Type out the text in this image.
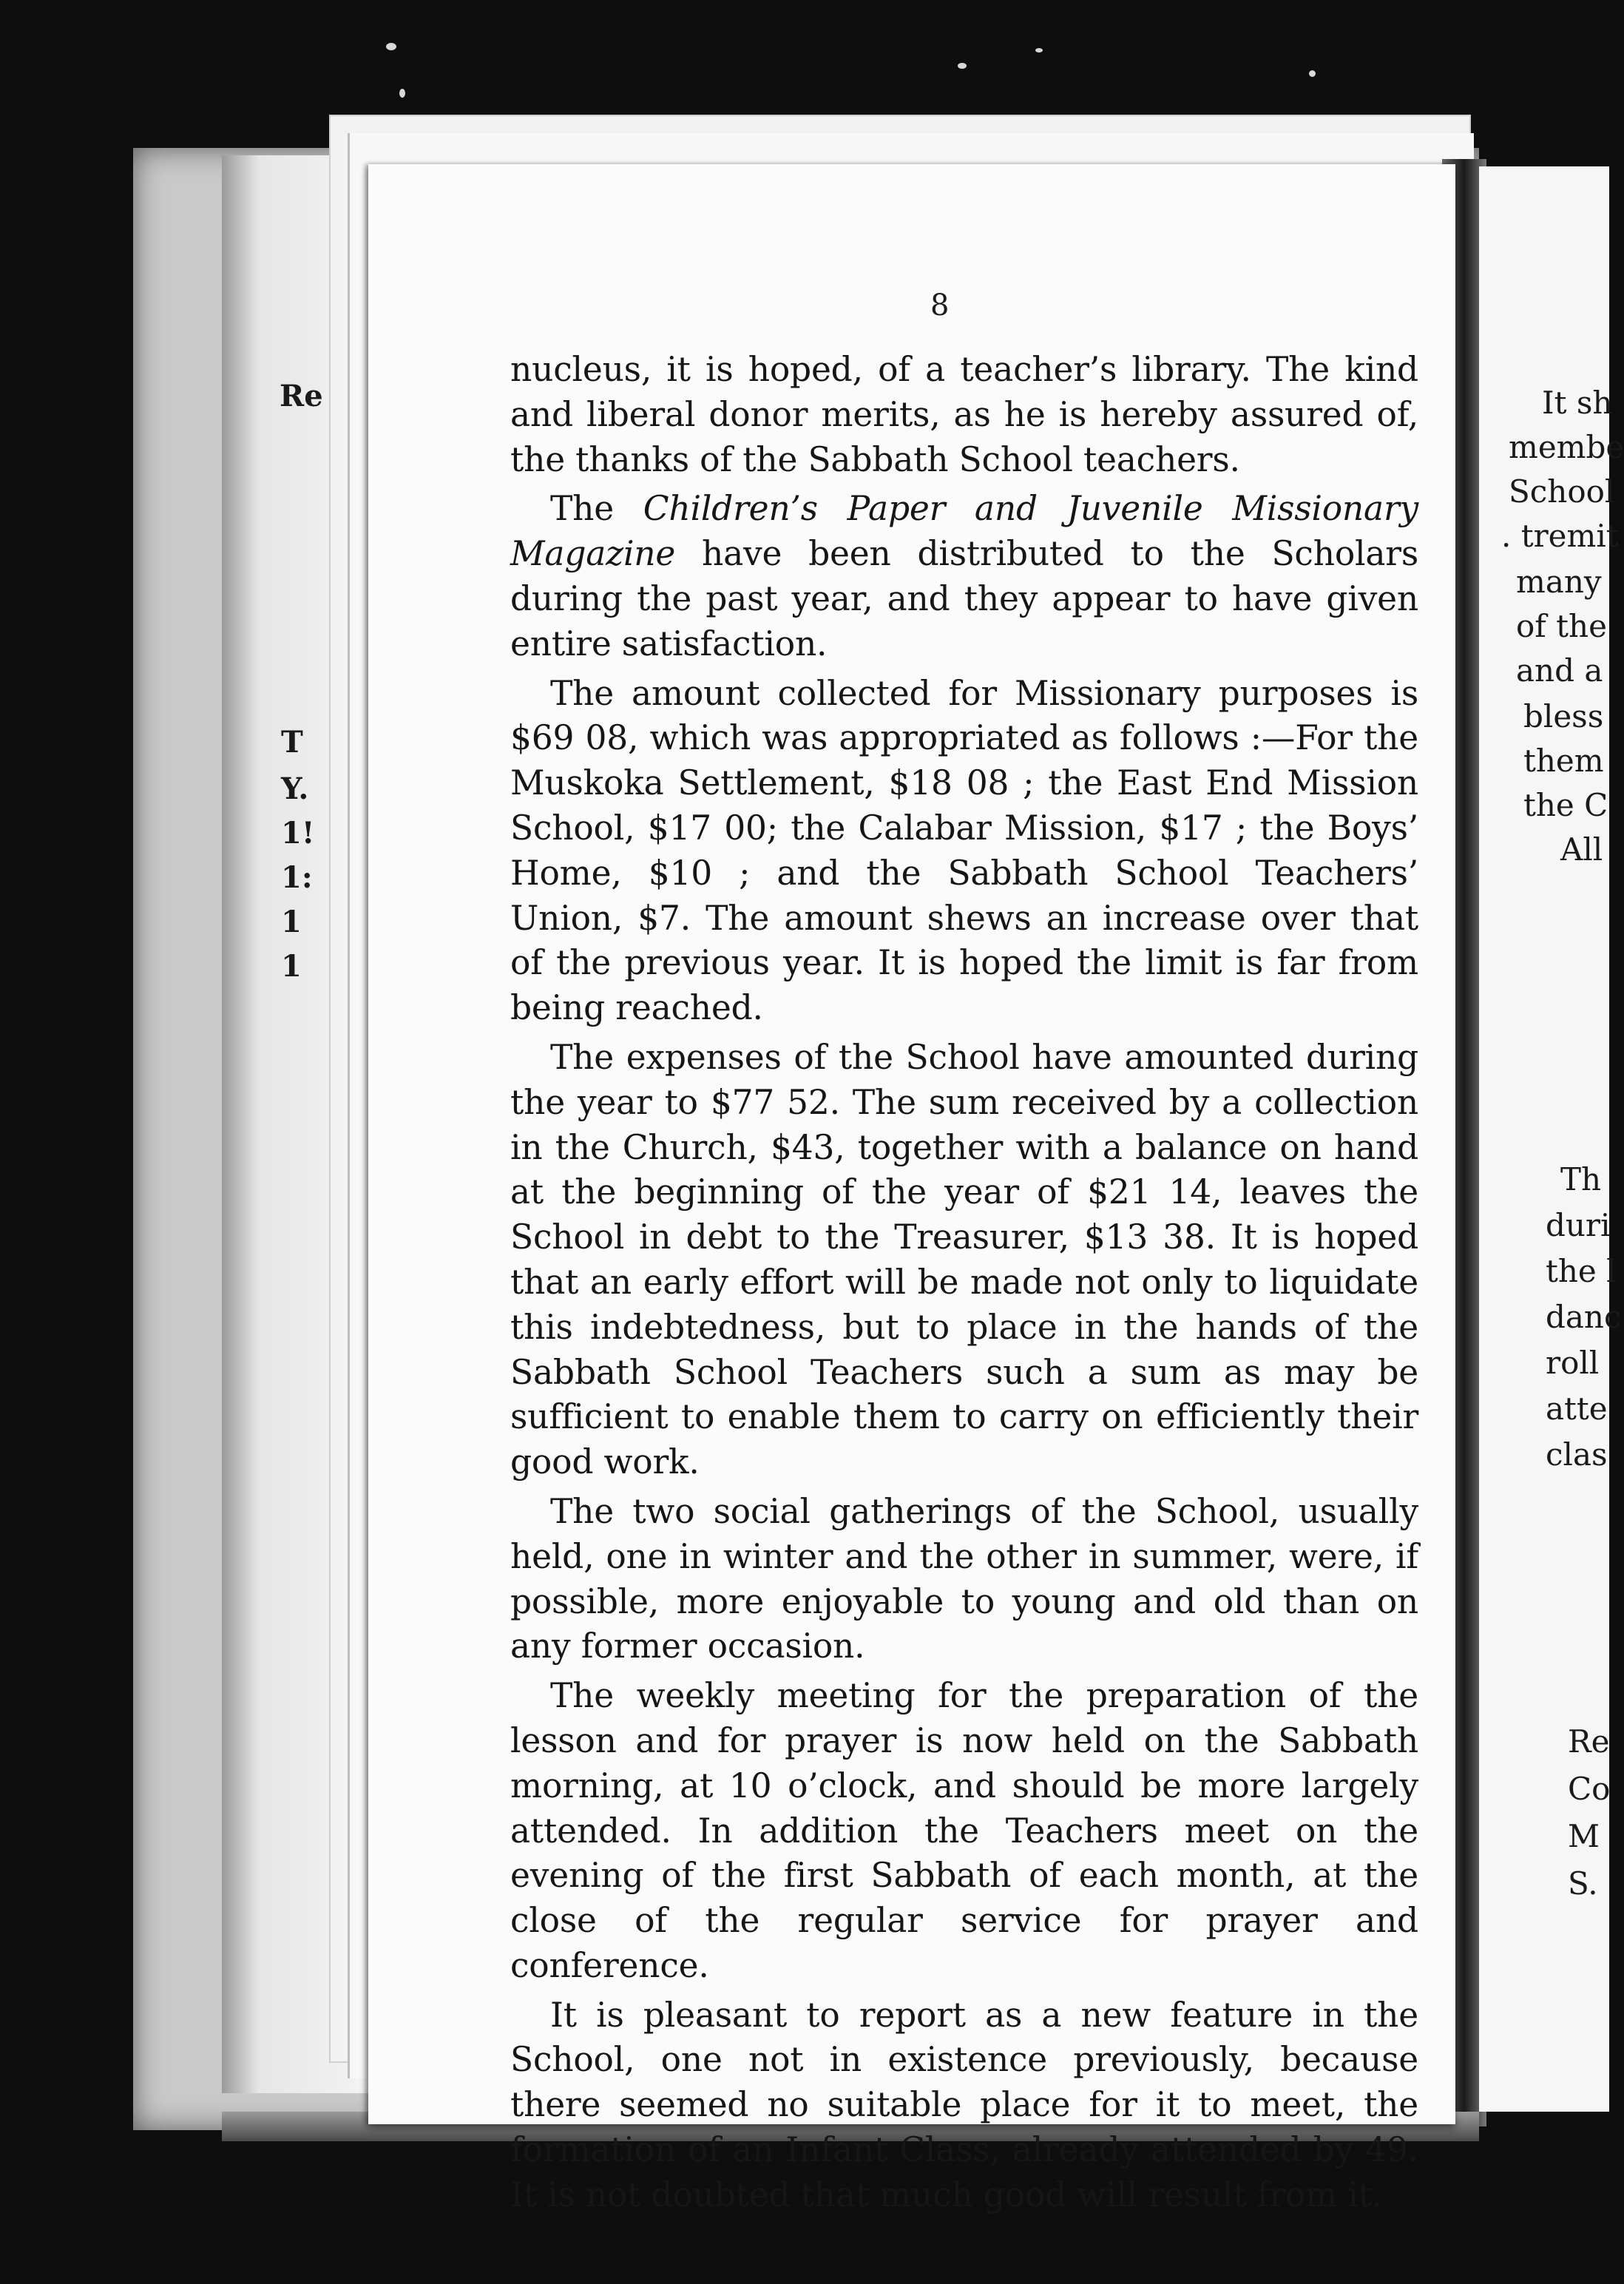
8

nucleus, it is hoped, of a teacher’s library. The kind and liberal donor merits, as he is hereby assured of, the thanks of the Sabbath School teachers.

The Children’s Paper and Juvenile Missionary Magazine have been distributed to the Scholars during the past year, and they appear to have given entire satisfaction.

The amount collected for Missionary purposes is $69 08, which was appropriated as follows :—For the Muskoka Settlement, $18 08 ; the East End Mission School, $17 00; the Calabar Mission, $17 ; the Boys’ Home, $10 ; and the Sabbath School Teachers’ Union, $7. The amount shews an increase over that of the previous year. It is hoped the limit is far from being reached.

The expenses of the School have amounted during the year to $77 52. The sum received by a collection in the Church, $43, together with a balance on hand at the beginning of the year of $21 14, leaves the School in debt to the Treasurer, $13 38. It is hoped that an early effort will be made not only to liquidate this indebtedness, but to place in the hands of the Sabbath School Teachers such a sum as may be sufficient to enable them to carry on efficiently their good work.

The two social gatherings of the School, usually held, one in winter and the other in summer, were, if possible, more enjoyable to young and old than on any former occasion.

The weekly meeting for the preparation of the lesson and for prayer is now held on the Sabbath morning, at 10 o’clock, and should be more largely attended. In addition the Teachers meet on the evening of the first Sabbath of each month, at the close of the regular service for prayer and conference.

It is pleasant to report as a new feature in the School, one not in existence previously, because there seemed no suitable place for it to meet, the formation of an Infant Class, already attended by 49. It is not doubted that much good will result from it.

Re
T
Y.
1!
1:
1
1
It sh
membe
School
. tremit
many
of the
and a
bless
them
the C
All
Th
duri
the l
danc
roll
atte
clas
Re
Co
M
S.
